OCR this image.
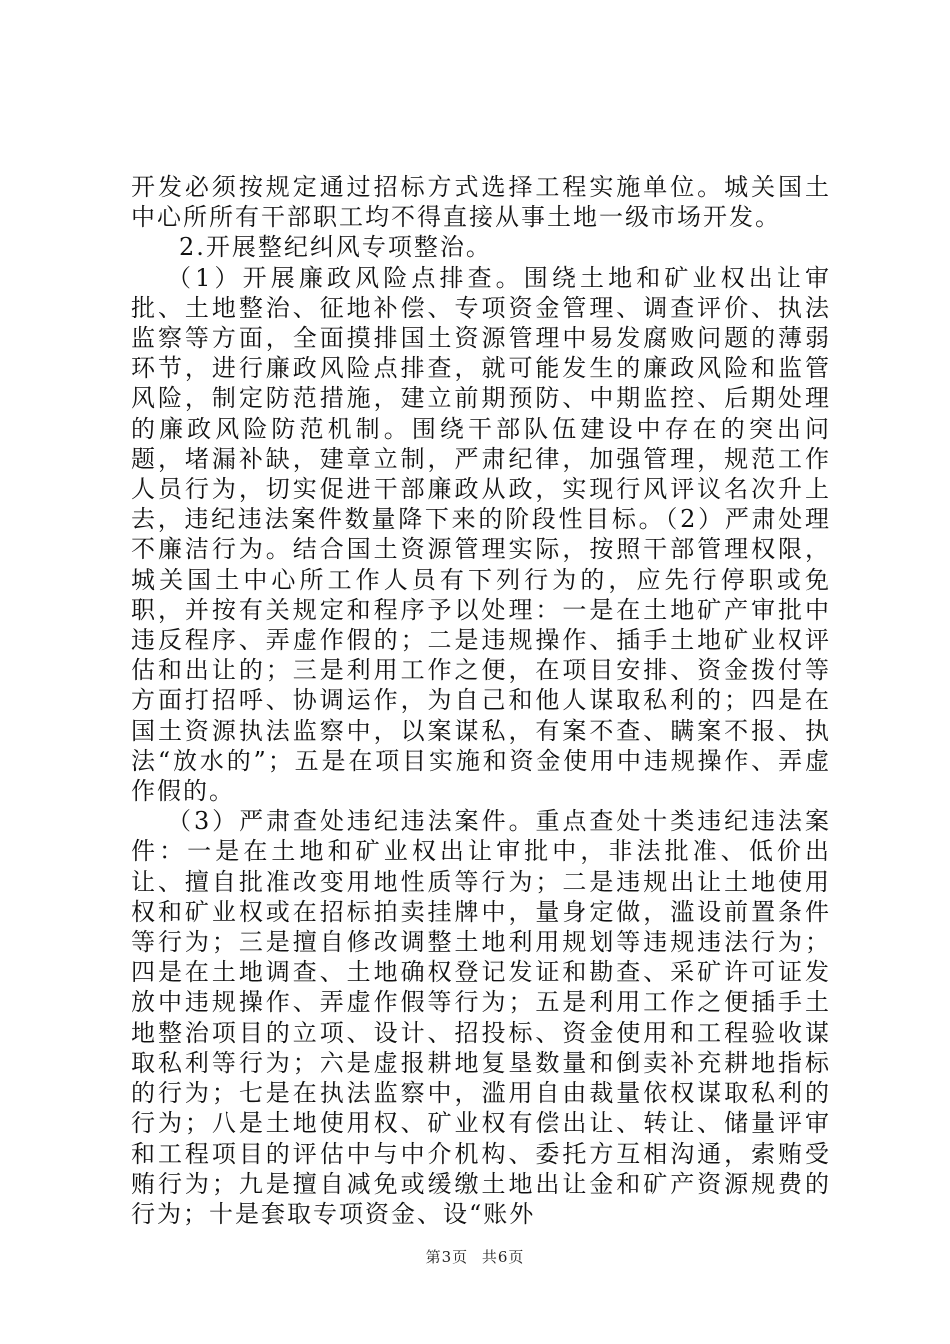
开发必须按规定通过招标方式选择工程实施单位。城关国土中心所所有干部职工均不得直接从事土地一级市场开发。

2.开展整纪纠风专项整治。

（1）开展廉政风险点排查。围绕土地和矿业权出让审批、土地整治、征地补偿、专项资金管理、调查评价、执法监察等方面，全面摸排国土资源管理中易发腐败问题的薄弱环节，进行廉政风险点排查，就可能发生的廉政风险和监管风险，制定防范措施，建立前期预防、中期监控、后期处理的廉政风险防范机制。围绕干部队伍建设中存在的突出问题，堵漏补缺，建章立制，严肃纪律，加强管理，规范工作人员行为，切实促进干部廉政从政，实现行风评议名次升上去，违纪违法案件数量降下来的阶段性目标。（2）严肃处理不廉洁行为。结合国土资源管理实际，按照干部管理权限，城关国土中心所工作人员有下列行为的，应先行停职或免职，并按有关规定和程序予以处理：一是在土地矿产审批中违反程序、弄虚作假的；二是违规操作、插手土地矿业权评估和出让的；三是利用工作之便，在项目安排、资金拨付等方面打招呼、协调运作，为自己和他人谋取私利的；四是在国土资源执法监察中，以案谋私，有案不查、瞒案不报、执法“放水的”；五是在项目实施和资金使用中违规操作、弄虚作假的。

（3）严肃查处违纪违法案件。重点查处十类违纪违法案件：一是在土地和矿业权出让审批中，非法批准、低价出让、擅自批准改变用地性质等行为；二是违规出让土地使用权和矿业权或在招标拍卖挂牌中，量身定做，滥设前置条件等行为；三是擅自修改调整土地利用规划等违规违法行为；四是在土地调查、土地确权登记发证和勘查、采矿许可证发放中违规操作、弄虚作假等行为；五是利用工作之便插手土地整治项目的立项、设计、招投标、资金使用和工程验收谋取私利等行为；六是虚报耕地复垦数量和倒卖补充耕地指标的行为；七是在执法监察中，滥用自由裁量依权谋取私利的行为；八是土地使用权、矿业权有偿出让、转让、储量评审和工程项目的评估中与中介机构、委托方互相沟通，索贿受贿行为；九是擅自减免或缓缴土地出让金和矿产资源规费的行为；十是套取专项资金、设“账外

第3页 共6页
